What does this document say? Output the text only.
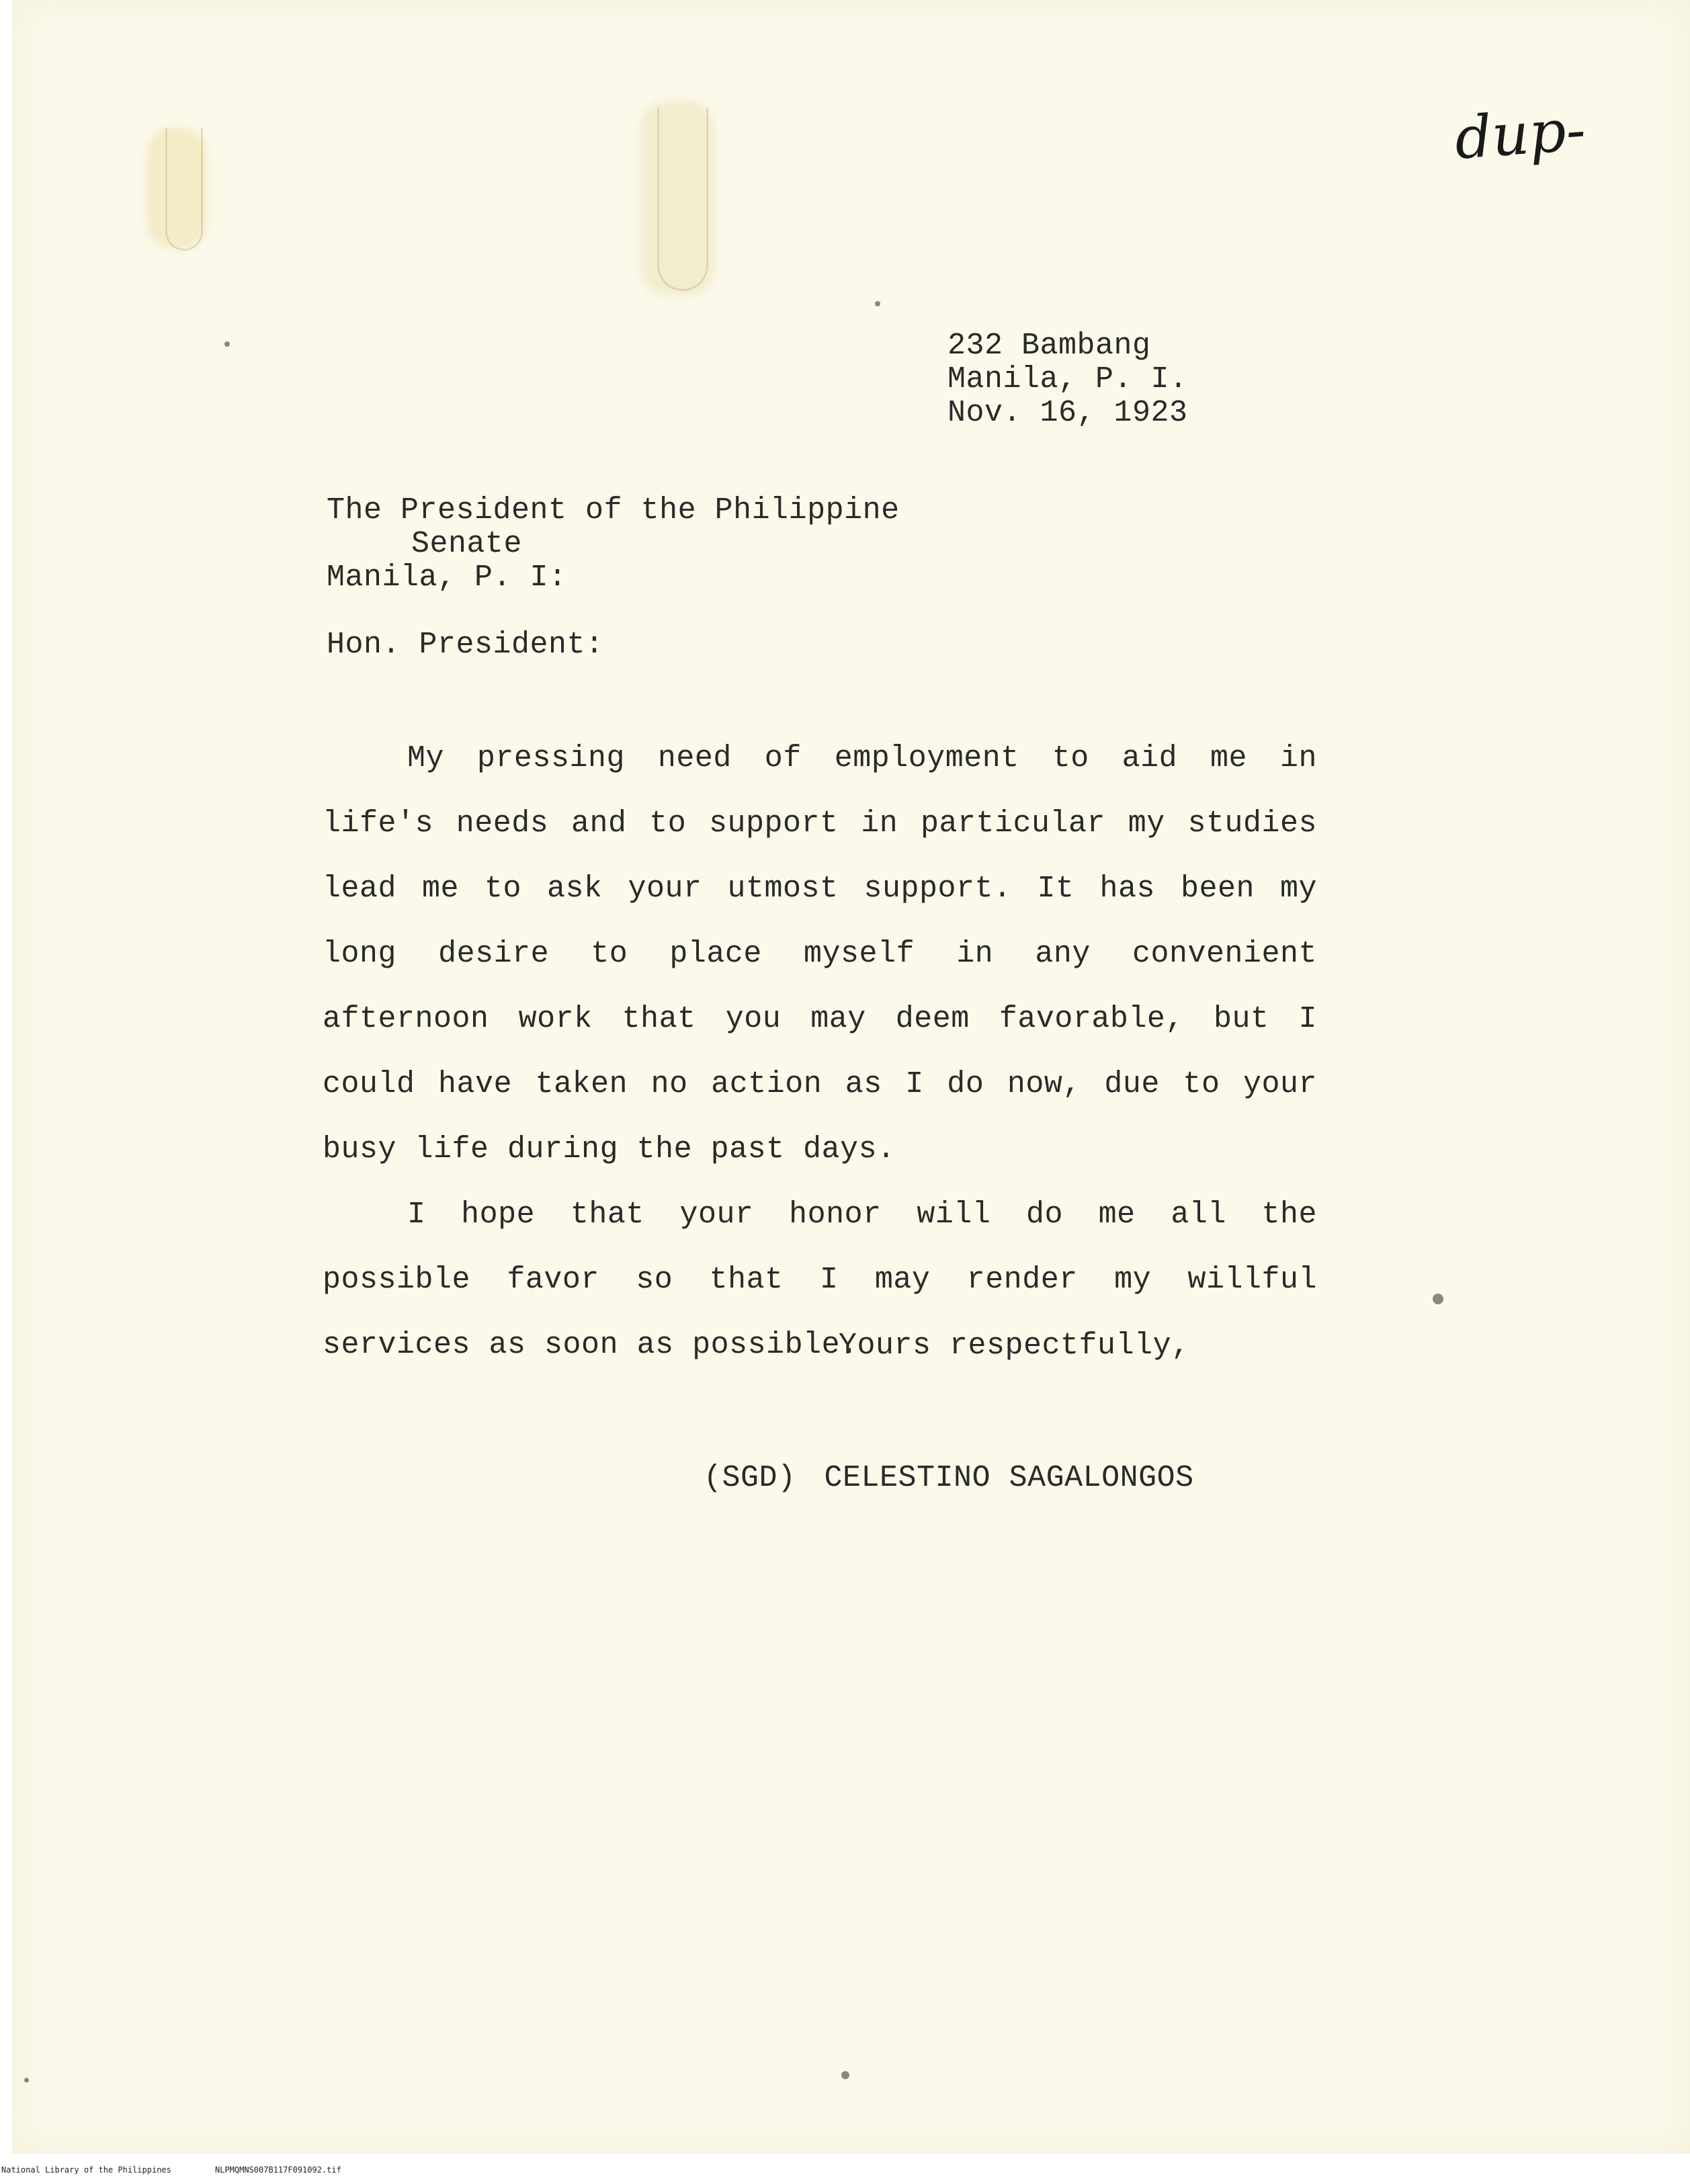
dup-
232 Bambang
Manila, P. I.
Nov. 16, 1923
The President of the Philippine
Senate
Manila, P. I:
Hon. President:
My pressing need of employment to aid me in life's needs and to support in particular my studies lead me to ask your utmost support. It has been my long desire to place myself in any convenient afternoon work that you may deem favorable, but I could have taken no action as I do now, due to your busy life during the past days.
I hope that your honor will do me all the possible favor so that I may render my willful services as soon as possible.
Yours respectfully,
(SGD) CELESTINO SAGALONGOS
National Library of the Philippines	NLPMQMNS007B117F091092.tif
